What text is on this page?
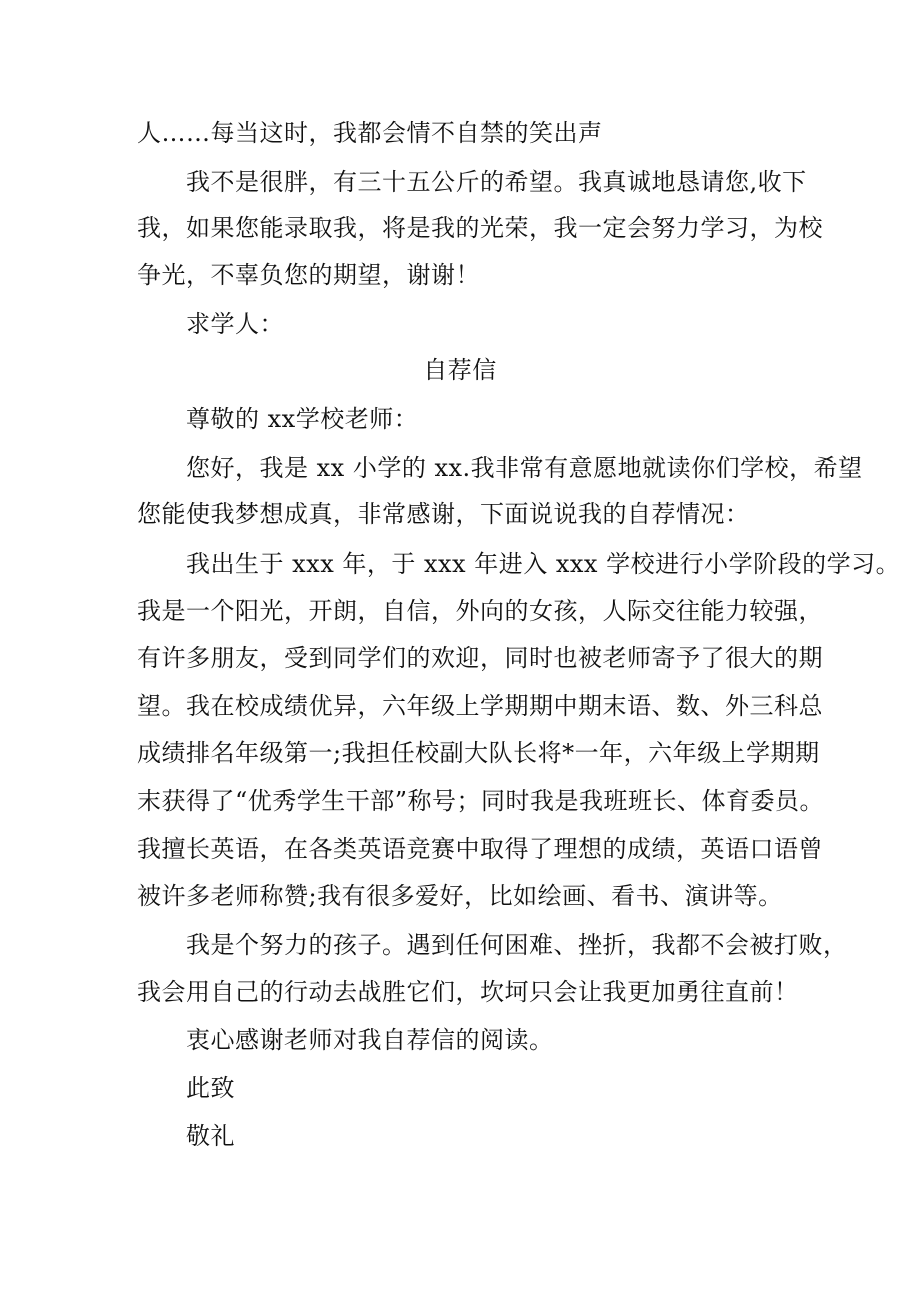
人……每当这时，我都会情不自禁的笑出声
我不是很胖，有三十五公斤的希望。我真诚地恳请您,收下
我，如果您能录取我，将是我的光荣，我一定会努力学习，为校
争光，不辜负您的期望，谢谢！
求学人：
自荐信
尊敬的 xx学校老师：
您好，我是 xx 小学的 xx.我非常有意愿地就读你们学校，希望
您能使我梦想成真，非常感谢，下面说说我的自荐情况：
我出生于 xxx 年，于 xxx 年进入 xxx 学校进行小学阶段的学习。
我是一个阳光，开朗，自信，外向的女孩，人际交往能力较强，
有许多朋友，受到同学们的欢迎，同时也被老师寄予了很大的期
望。我在校成绩优异，六年级上学期期中期末语、数、外三科总
成绩排名年级第一;我担任校副大队长将*一年，六年级上学期期
末获得了“优秀学生干部”称号；同时我是我班班长、体育委员。
我擅长英语，在各类英语竞赛中取得了理想的成绩，英语口语曾
被许多老师称赞;我有很多爱好，比如绘画、看书、演讲等。
我是个努力的孩子。遇到任何困难、挫折，我都不会被打败，
我会用自己的行动去战胜它们，坎坷只会让我更加勇往直前！
衷心感谢老师对我自荐信的阅读。
此致
敬礼
